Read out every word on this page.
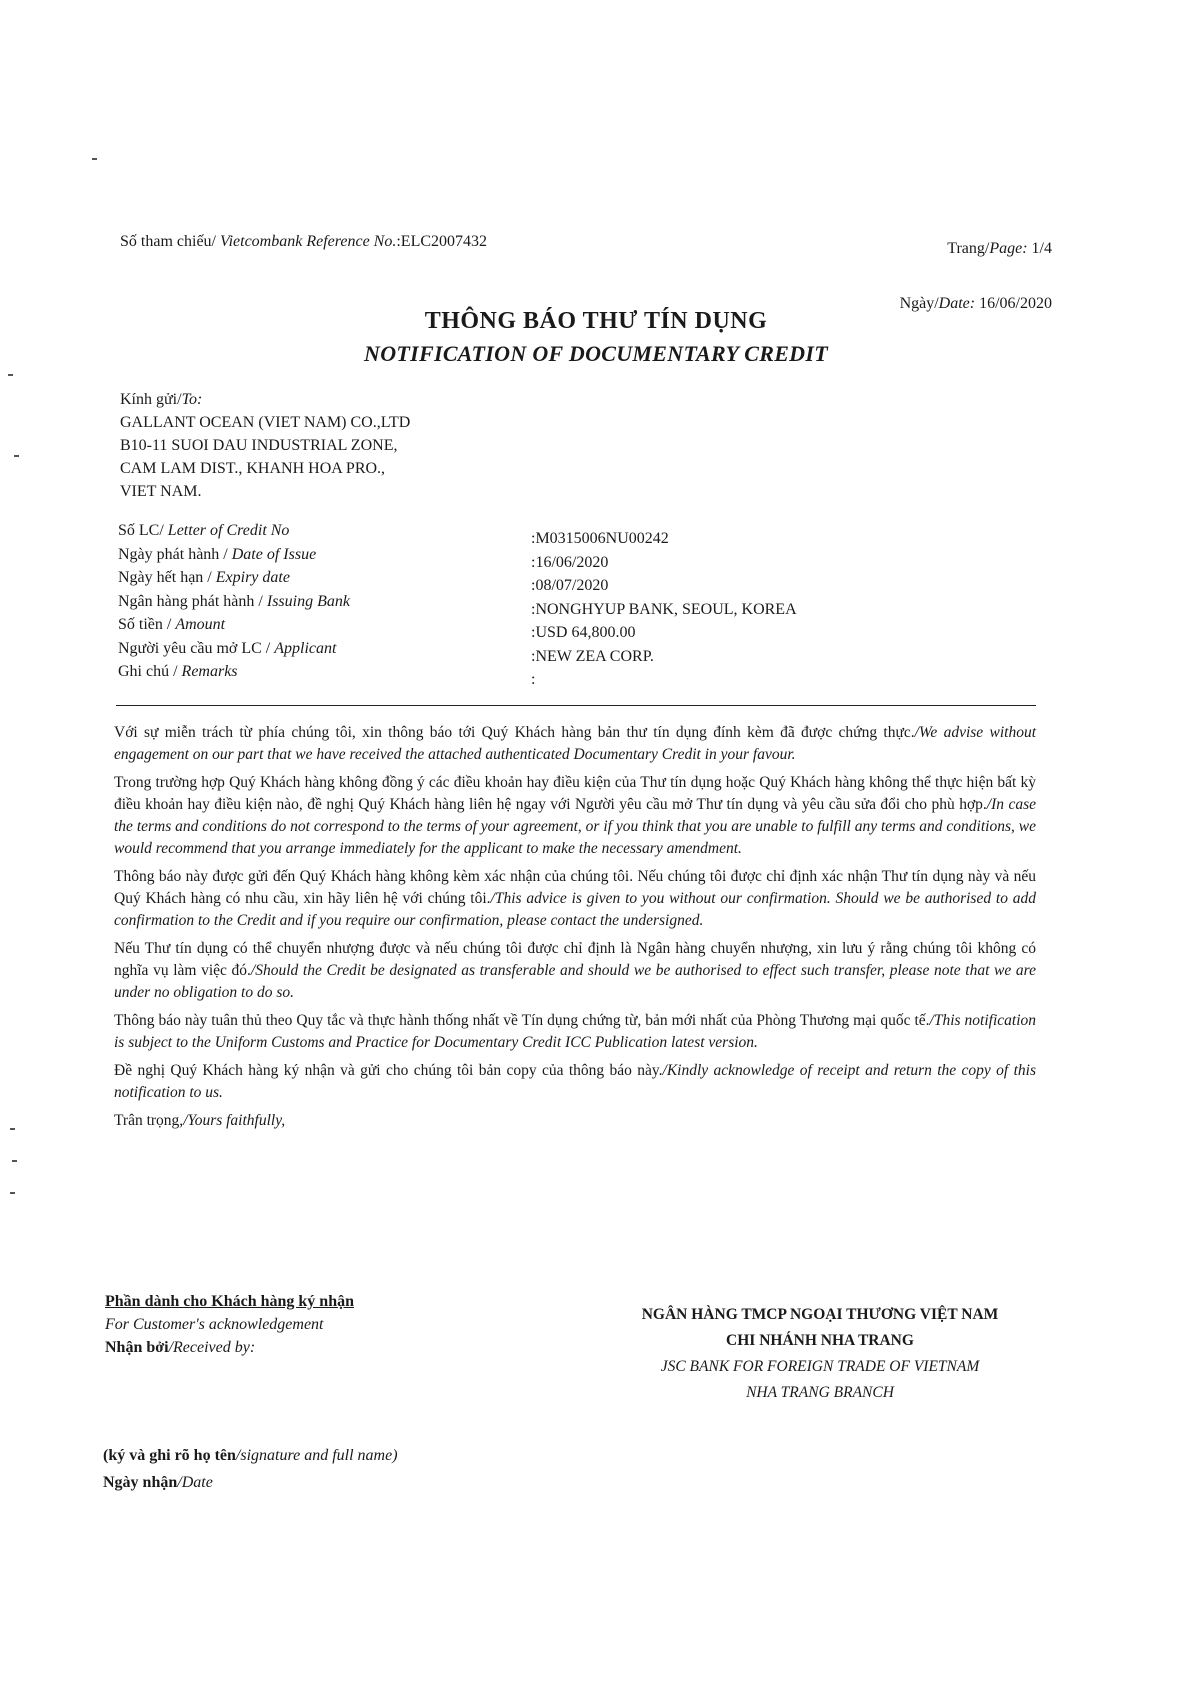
Số tham chiếu/ Vietcombank Reference No.:ELC2007432	Trang/Page: 1/4
Ngày/Date: 16/06/2020
THÔNG BÁO THƯ TÍN DỤNG
NOTIFICATION OF DOCUMENTARY CREDIT
Kính gửi/To:
GALLANT OCEAN (VIET NAM) CO.,LTD
B10-11 SUOI DAU INDUSTRIAL ZONE,
CAM LAM DIST., KHANH HOA PRO.,
VIET NAM.
Số LC/ Letter of Credit No
Ngày phát hành / Date of Issue
Ngày hết hạn / Expiry date
Ngân hàng phát hành / Issuing Bank
Số tiền / Amount
Người yêu cầu mở LC / Applicant
Ghi chú / Remarks
:M0315006NU00242
:16/06/2020
:08/07/2020
:NONGHYUP BANK, SEOUL, KOREA
:USD 64,800.00
:NEW ZEA CORP.
:

Với sự miễn trách từ phía chúng tôi, xin thông báo tới Quý Khách hàng bản thư tín dụng đính kèm đã được chứng thực./We advise without engagement on our part that we have received the attached authenticated Documentary Credit in your favour.

Trong trường hợp Quý Khách hàng không đồng ý các điều khoản hay điều kiện của Thư tín dụng hoặc Quý Khách hàng không thể thực hiện bất kỳ điều khoản hay điều kiện nào, đề nghị Quý Khách hàng liên hệ ngay với Người yêu cầu mở Thư tín dụng và yêu cầu sửa đổi cho phù hợp./In case the terms and conditions do not correspond to the terms of your agreement, or if you think that you are unable to fulfill any terms and conditions, we would recommend that you arrange immediately for the applicant to make the necessary amendment.

Thông báo này được gửi đến Quý Khách hàng không kèm xác nhận của chúng tôi. Nếu chúng tôi được chỉ định xác nhận Thư tín dụng này và nếu Quý Khách hàng có nhu cầu, xin hãy liên hệ với chúng tôi./This advice is given to you without our confirmation. Should we be authorised to add confirmation to the Credit and if you require our confirmation, please contact the undersigned.

Nếu Thư tín dụng có thể chuyển nhượng được và nếu chúng tôi được chỉ định là Ngân hàng chuyển nhượng, xin lưu ý rằng chúng tôi không có nghĩa vụ làm việc đó./Should the Credit be designated as transferable and should we be authorised to effect such transfer, please note that we are under no obligation to do so.

Thông báo này tuân thủ theo Quy tắc và thực hành thống nhất về Tín dụng chứng từ, bản mới nhất của Phòng Thương mại quốc tế./This notification is subject to the Uniform Customs and Practice for Documentary Credit ICC Publication latest version.

Đề nghị Quý Khách hàng ký nhận và gửi cho chúng tôi bản copy của thông báo này./Kindly acknowledge of receipt and return the copy of this notification to us.

Trân trọng,/Yours faithfully,

Phần dành cho Khách hàng ký nhận
For Customer's acknowledgement
Nhận bởi/Received by:
NGÂN HÀNG TMCP NGOẠI THƯƠNG VIỆT NAM
CHI NHÁNH NHA TRANG
JSC BANK FOR FOREIGN TRADE OF VIETNAM
NHA TRANG BRANCH
(ký và ghi rõ họ tên/signature and full name)
Ngày nhận/Date
